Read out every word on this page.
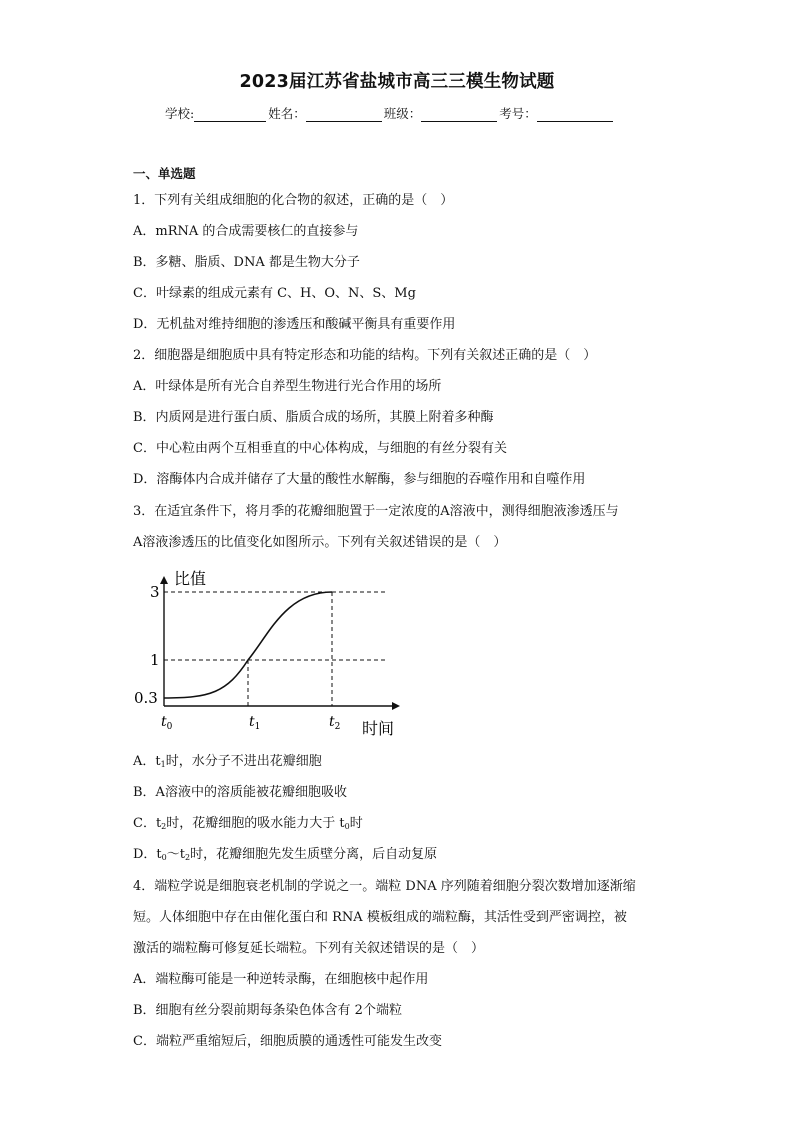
2023届江苏省盐城市高三三模生物试题
学校:	姓名：	班级：	考号：
一、单选题
1．下列有关组成细胞的化合物的叙述，正确的是（　）
A．mRNA 的合成需要核仁的直接参与
B．多糖、脂质、DNA 都是生物大分子
C．叶绿素的组成元素有 C、H、O、N、S、Mg
D．无机盐对维持细胞的渗透压和酸碱平衡具有重要作用
2．细胞器是细胞质中具有特定形态和功能的结构。下列有关叙述正确的是（　）
A．叶绿体是所有光合自养型生物进行光合作用的场所
B．内质网是进行蛋白质、脂质合成的场所，其膜上附着多种酶
C．中心粒由两个互相垂直的中心体构成，与细胞的有丝分裂有关
D．溶酶体内合成并储存了大量的酸性水解酶，参与细胞的吞噬作用和自噬作用
3．在适宜条件下，将月季的花瓣细胞置于一定浓度的A溶液中，测得细胞液渗透压与
A溶液渗透压的比值变化如图所示。下列有关叙述错误的是（　）
0.3
1
3
$t_0$	$t_1$	$t_2$
比值
时间
A．$t_1$时，水分子不进出花瓣细胞
B．A溶液中的溶质能被花瓣细胞吸收
C．$t_2$时，花瓣细胞的吸水能力大于 $t_0$时
D．$t_0\sim t_2$时，花瓣细胞先发生质壁分离，后自动复原
4．端粒学说是细胞衰老机制的学说之一。端粒 DNA 序列随着细胞分裂次数增加逐渐缩
短。人体细胞中存在由催化蛋白和 RNA 模板组成的端粒酶，其活性受到严密调控，被
激活的端粒酶可修复延长端粒。下列有关叙述错误的是（　）
A．端粒酶可能是一种逆转录酶，在细胞核中起作用
B．细胞有丝分裂前期每条染色体含有 2个端粒
C．端粒严重缩短后，细胞质膜的通透性可能发生改变
